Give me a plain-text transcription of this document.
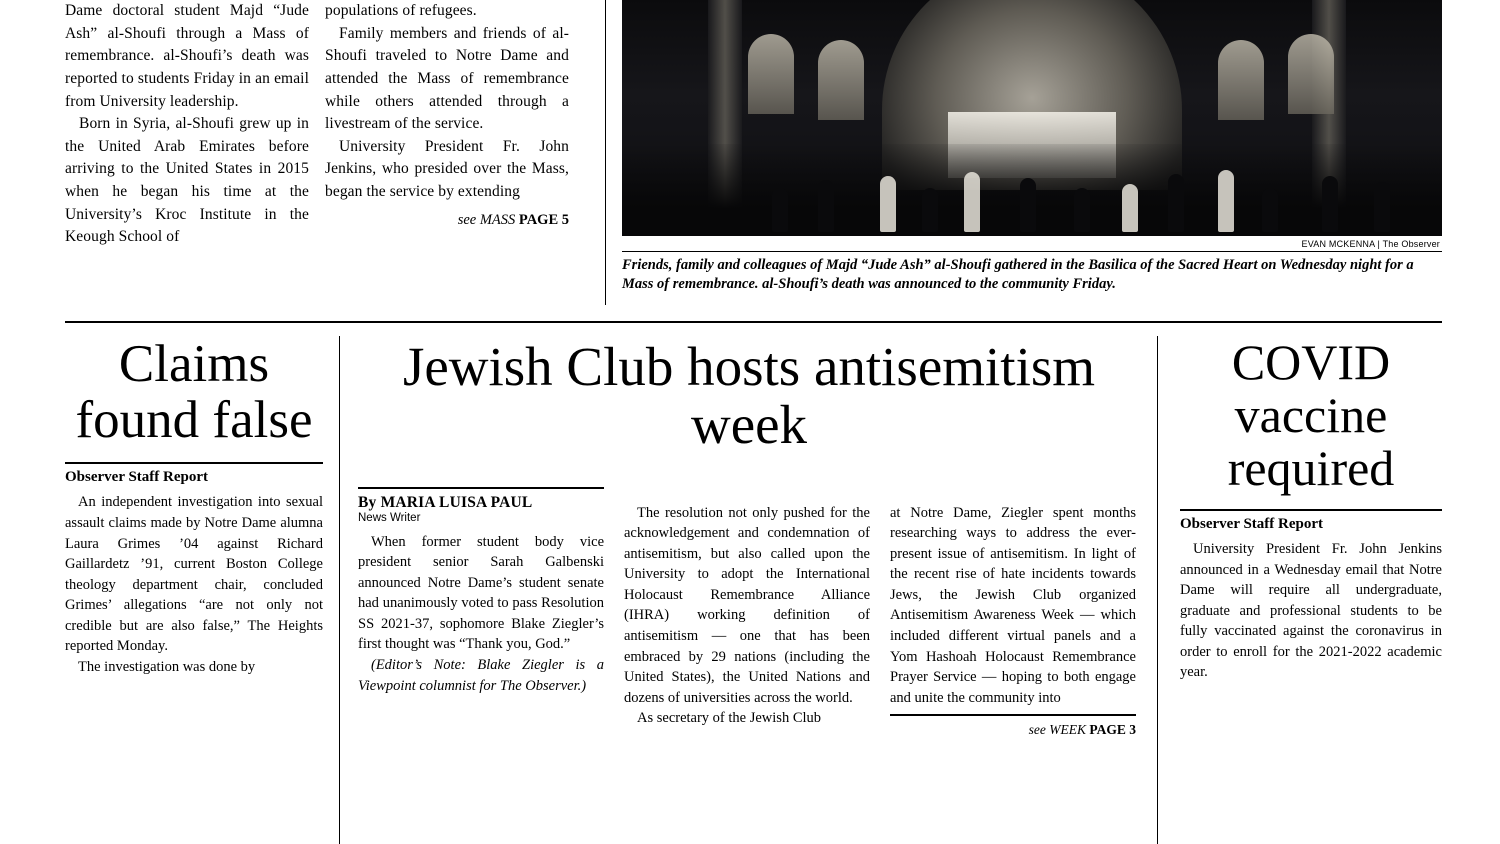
Dame doctoral student Majd “Jude Ash” al-Shoufi through a Mass of remembrance. al-Shoufi’s death was reported to students Friday in an email from University leadership.

Born in Syria, al-Shoufi grew up in the United Arab Emirates before arriving to the United States in 2015 when he began his time at the University’s Kroc Institute in the Keough School of

populations of refugees.

Family members and friends of al-Shoufi traveled to Notre Dame and attended the Mass of remembrance while others attended through a livestream of the service.

University President Fr. John Jenkins, who presided over the Mass, began the service by extending

see MASS PAGE 5
EVAN MCKENNA | The Observer
Friends, family and colleagues of Majd “Jude Ash” al-Shoufi gathered in the Basilica of the Sacred Heart on Wednesday night for a Mass of remembrance. al-Shoufi’s death was announced to the community Friday.
Claims found false
Observer Staff Report

An independent investigation into sexual assault claims made by Notre Dame alumna Laura Grimes ’04 against Richard Gaillardetz ’91, current Boston College theology department chair, concluded Grimes’ allegations “are not only not credible but are also false,” The Heights reported Monday.

The investigation was done by

Jewish Club hosts antisemitism week
By MARIA LUISA PAUL
News Writer

When former student body vice president senior Sarah Galbenski announced Notre Dame’s student senate had unanimously voted to pass Resolution SS 2021-37, sophomore Blake Ziegler’s first thought was “Thank you, God.”

(Editor’s Note: Blake Ziegler is a Viewpoint columnist for The Observer.)

The resolution not only pushed for the acknowledgement and condemnation of antisemitism, but also called upon the University to adopt the International Holocaust Remembrance Alliance (IHRA) working definition of antisemitism — one that has been embraced by 29 nations (including the United States), the United Nations and dozens of universities across the world.

As secretary of the Jewish Club

at Notre Dame, Ziegler spent months researching ways to address the ever-present issue of antisemitism. In light of the recent rise of hate incidents towards Jews, the Jewish Club organized Antisemitism Awareness Week — which included different virtual panels and a Yom Hashoah Holocaust Remembrance Prayer Service — hoping to both engage and unite the community into

see WEEK PAGE 3
COVID vaccine required
Observer Staff Report

University President Fr. John Jenkins announced in a Wednesday email that Notre Dame will require all undergraduate, graduate and professional students to be fully vaccinated against the coronavirus in order to enroll for the 2021-2022 academic year.
